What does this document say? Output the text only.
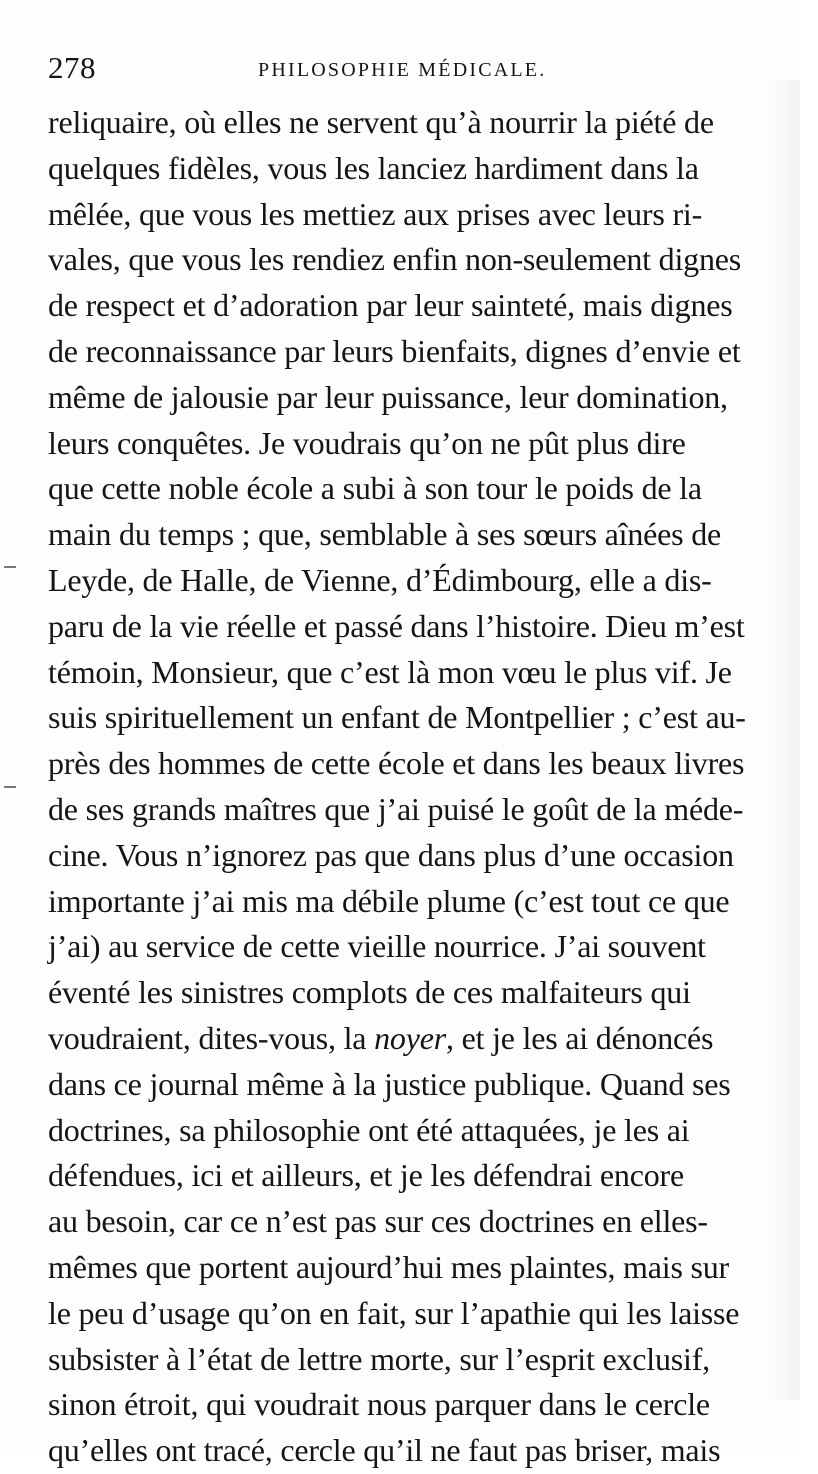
278	PHILOSOPHIE MÉDICALE.
reliquaire, où elles ne servent qu’à nourrir la piété de
quelques fidèles, vous les lanciez hardiment dans la
mêlée, que vous les mettiez aux prises avec leurs ri-
vales, que vous les rendiez enfin non-seulement dignes
de respect et d’adoration par leur sainteté, mais dignes
de reconnaissance par leurs bienfaits, dignes d’envie et
même de jalousie par leur puissance, leur domination,
leurs conquêtes. Je voudrais qu’on ne pût plus dire
que cette noble école a subi à son tour le poids de la
main du temps ; que, semblable à ses sœurs aînées de
Leyde, de Halle, de Vienne, d’Édimbourg, elle a dis-
paru de la vie réelle et passé dans l’histoire. Dieu m’est
témoin, Monsieur, que c’est là mon vœu le plus vif. Je
suis spirituellement un enfant de Montpellier ; c’est au-
près des hommes de cette école et dans les beaux livres
de ses grands maîtres que j’ai puisé le goût de la méde-
cine. Vous n’ignorez pas que dans plus d’une occasion
importante j’ai mis ma débile plume (c’est tout ce que
j’ai) au service de cette vieille nourrice. J’ai souvent
éventé les sinistres complots de ces malfaiteurs qui
voudraient, dites-vous, la noyer, et je les ai dénoncés
dans ce journal même à la justice publique. Quand ses
doctrines, sa philosophie ont été attaquées, je les ai
défendues, ici et ailleurs, et je les défendrai encore
au besoin, car ce n’est pas sur ces doctrines en elles-
mêmes que portent aujourd’hui mes plaintes, mais sur
le peu d’usage qu’on en fait, sur l’apathie qui les laisse
subsister à l’état de lettre morte, sur l’esprit exclusif,
sinon étroit, qui voudrait nous parquer dans le cercle
qu’elles ont tracé, cercle qu’il ne faut pas briser, mais
